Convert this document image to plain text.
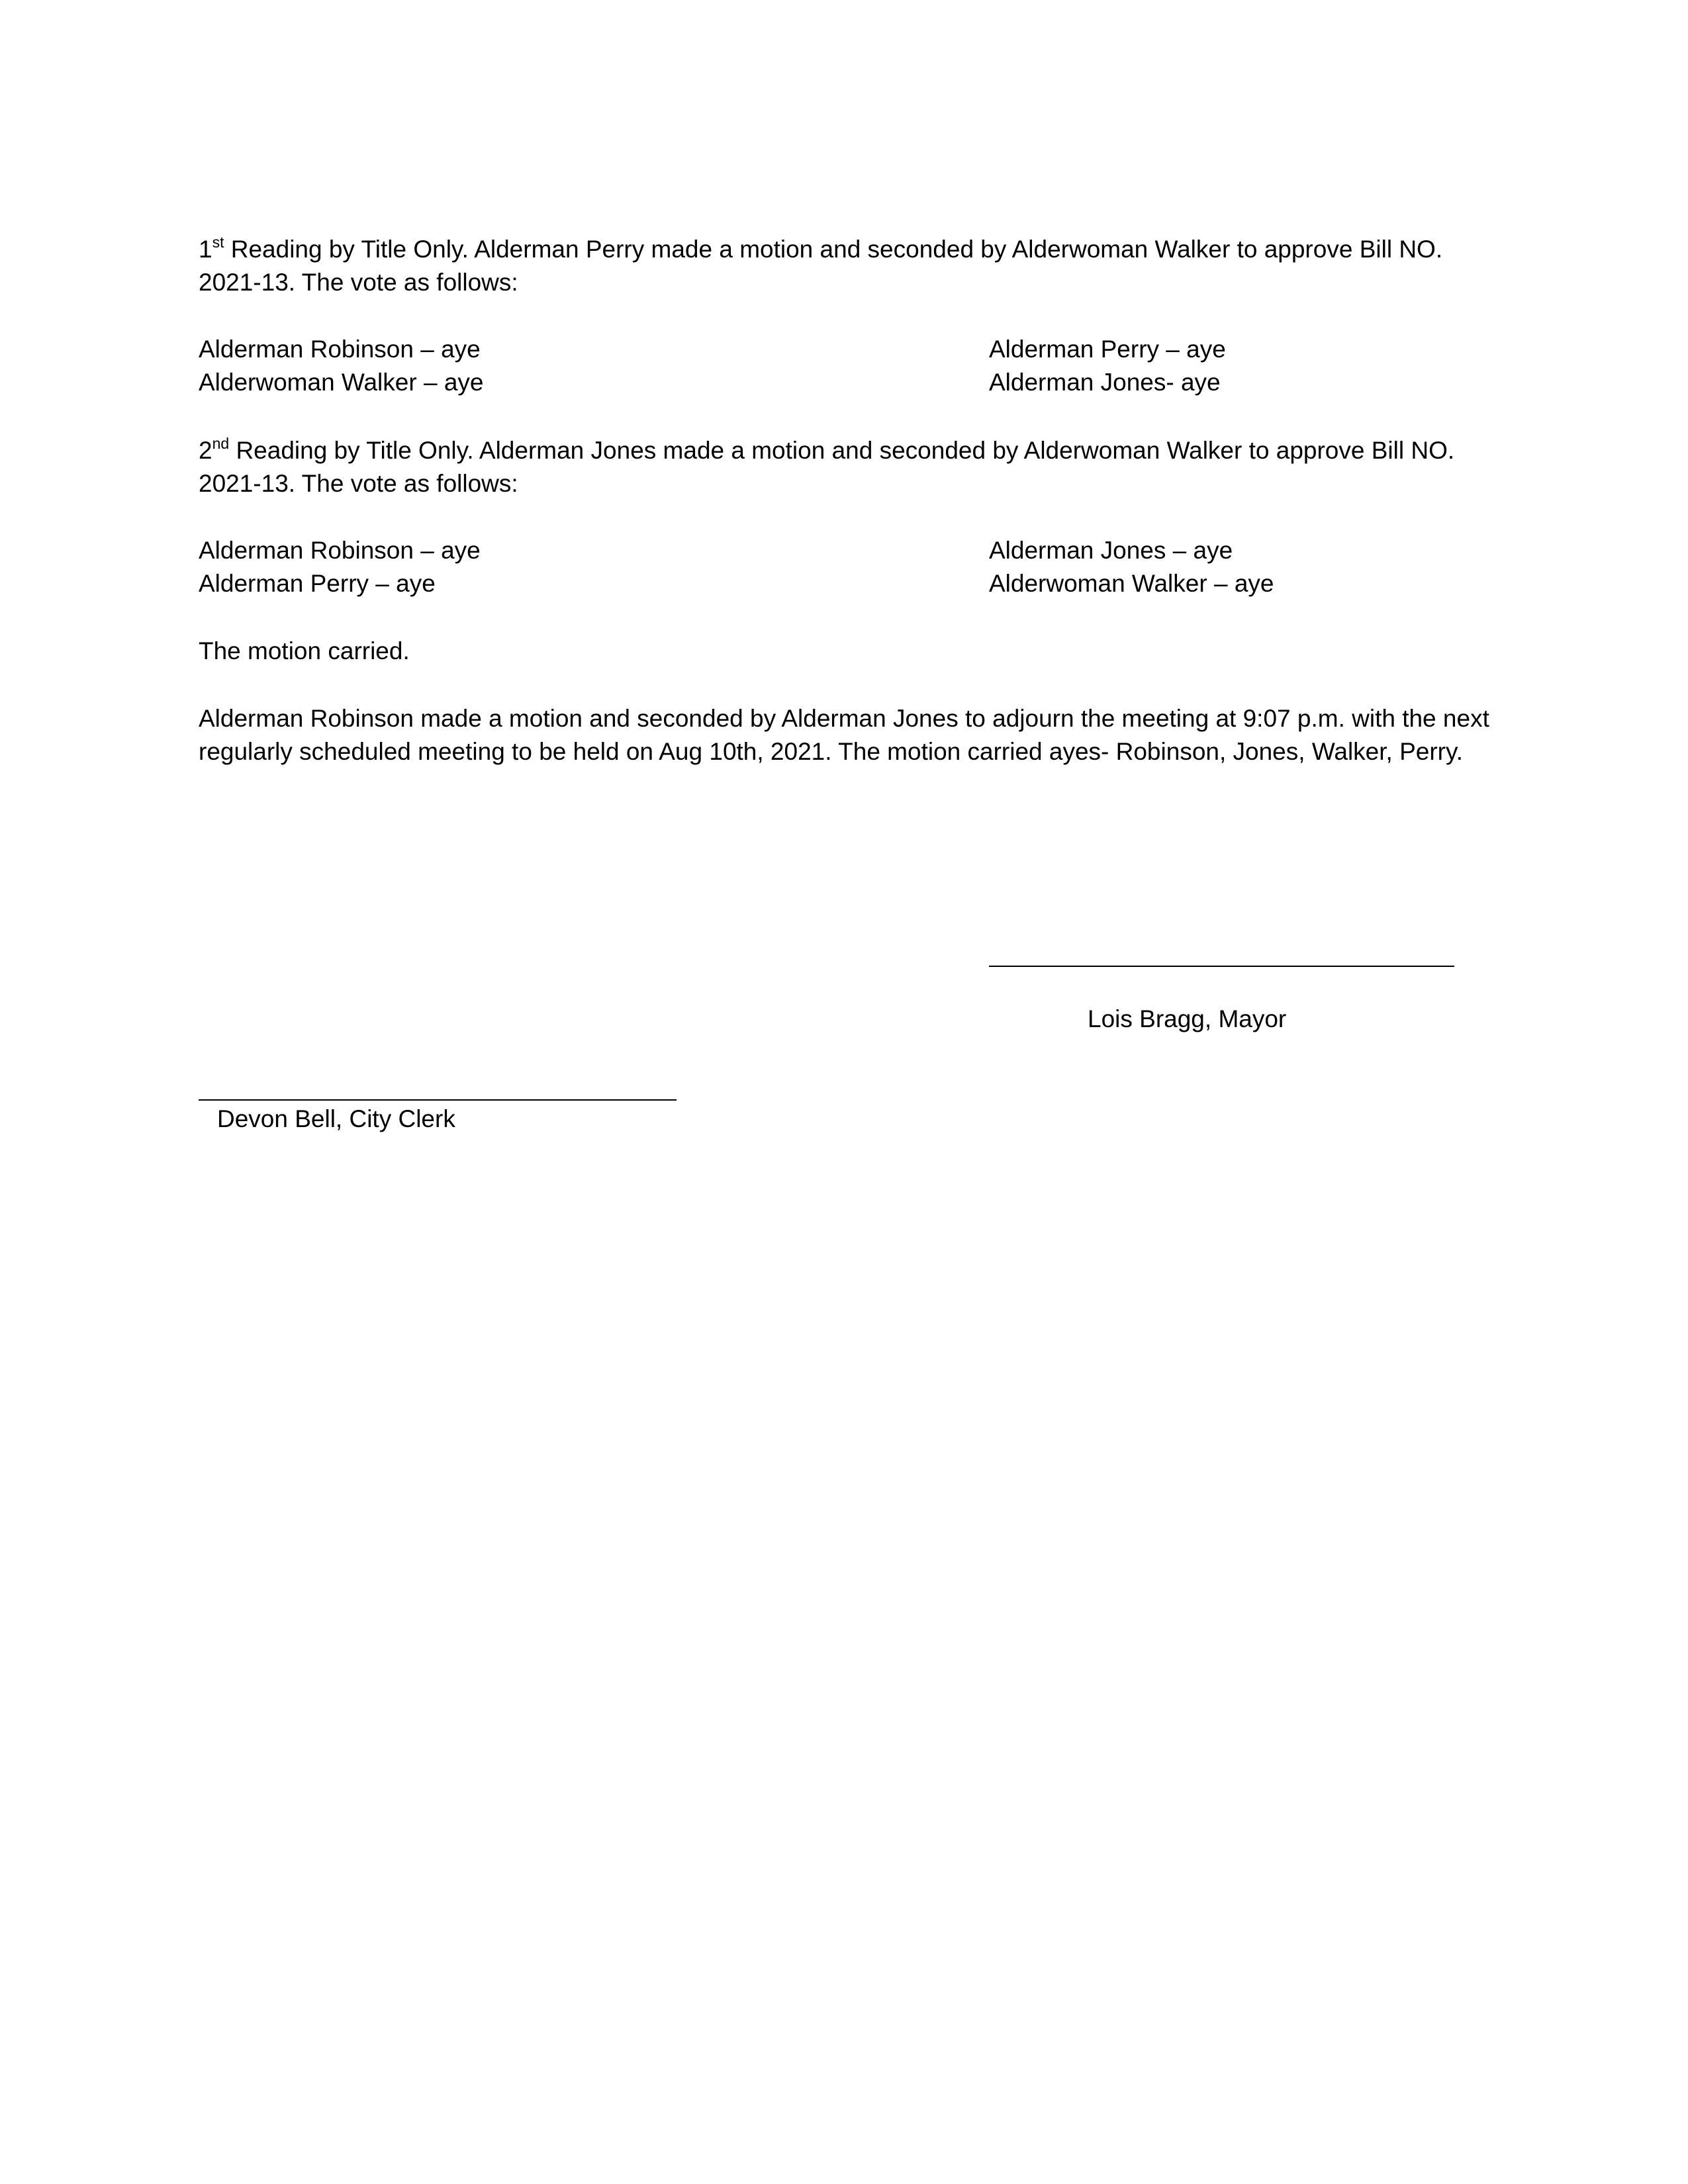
1st Reading by Title Only. Alderman Perry made a motion and seconded by Alderwoman Walker to approve Bill NO. 2021-13. The vote as follows:

Alderman Robinson – aye
Alderwoman Walker – aye
Alderman Perry – aye
Alderman Jones- aye

2nd Reading by Title Only. Alderman Jones made a motion and seconded by Alderwoman Walker to approve Bill NO. 2021-13. The vote as follows:

Alderman Robinson – aye
Alderman Perry – aye
Alderman Jones – aye
Alderwoman Walker – aye
The motion carried.

Alderman Robinson made a motion and seconded by Alderman Jones to adjourn the meeting at 9:07 p.m. with the next regularly scheduled meeting to be held on Aug 10th, 2021. The motion carried ayes- Robinson, Jones, Walker, Perry.

Lois Bragg, Mayor
Devon Bell, City Clerk
